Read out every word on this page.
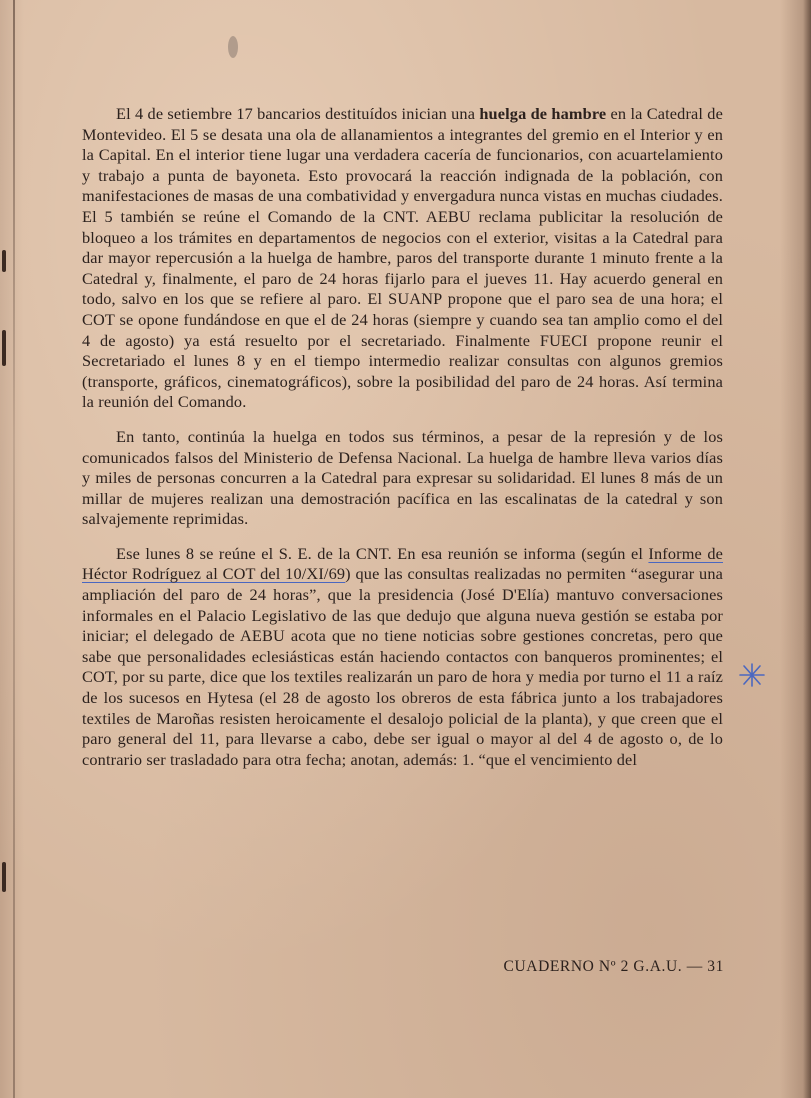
El 4 de setiembre 17 bancarios destituídos inician una huelga de hambre en la Catedral de Montevideo. El 5 se desata una ola de allanamientos a integrantes del gremio en el Interior y en la Capital. En el interior tiene lugar una verdadera cacería de funcionarios, con acuartelamiento y trabajo a punta de bayoneta. Esto provocará la reacción indignada de la población, con manifestaciones de masas de una combatividad y envergadura nunca vistas en muchas ciudades. El 5 también se reúne el Comando de la CNT. AEBU reclama publicitar la resolución de bloqueo a los trámites en departamentos de negocios con el exterior, visitas a la Catedral para dar mayor repercusión a la huelga de hambre, paros del transporte durante 1 minuto frente a la Catedral y, finalmente, el paro de 24 horas fijarlo para el jueves 11. Hay acuerdo general en todo, salvo en los que se refiere al paro. El SUANP propone que el paro sea de una hora; el COT se opone fundándose en que el de 24 horas (siempre y cuando sea tan amplio como el del 4 de agosto) ya está resuelto por el secretariado. Finalmente FUECI propone reunir el Secretariado el lunes 8 y en el tiempo intermedio realizar consultas con algunos gremios (transporte, gráficos, cinematográficos), sobre la posibilidad del paro de 24 horas. Así termina la reunión del Comando.

En tanto, continúa la huelga en todos sus términos, a pesar de la represión y de los comunicados falsos del Ministerio de Defensa Nacional. La huelga de hambre lleva varios días y miles de personas concurren a la Catedral para expresar su solidaridad. El lunes 8 más de un millar de mujeres realizan una demostración pacífica en las escalinatas de la catedral y son salvajemente reprimidas.

Ese lunes 8 se reúne el S. E. de la CNT. En esa reunión se informa (según el Informe de Héctor Rodríguez al COT del 10/XI/69) que las consultas realizadas no permiten “asegurar una ampliación del paro de 24 horas”, que la presidencia (José D'Elía) mantuvo conversaciones informales en el Palacio Legislativo de las que dedujo que alguna nueva gestión se estaba por iniciar; el delegado de AEBU acota que no tiene noticias sobre gestiones concretas, pero que sabe que personalidades eclesiásticas están haciendo contactos con banqueros prominentes; el COT, por su parte, dice que los textiles realizarán un paro de hora y media por turno el 11 a raíz de los sucesos en Hytesa (el 28 de agosto los obreros de esta fábrica junto a los trabajadores textiles de Maroñas resisten heroicamente el desalojo policial de la planta), y que creen que el paro general del 11, para llevarse a cabo, debe ser igual o mayor al del 4 de agosto o, de lo contrario ser trasladado para otra fecha; anotan, además: 1. “que el vencimiento del

CUADERNO Nº 2 G.A.U. — 31
